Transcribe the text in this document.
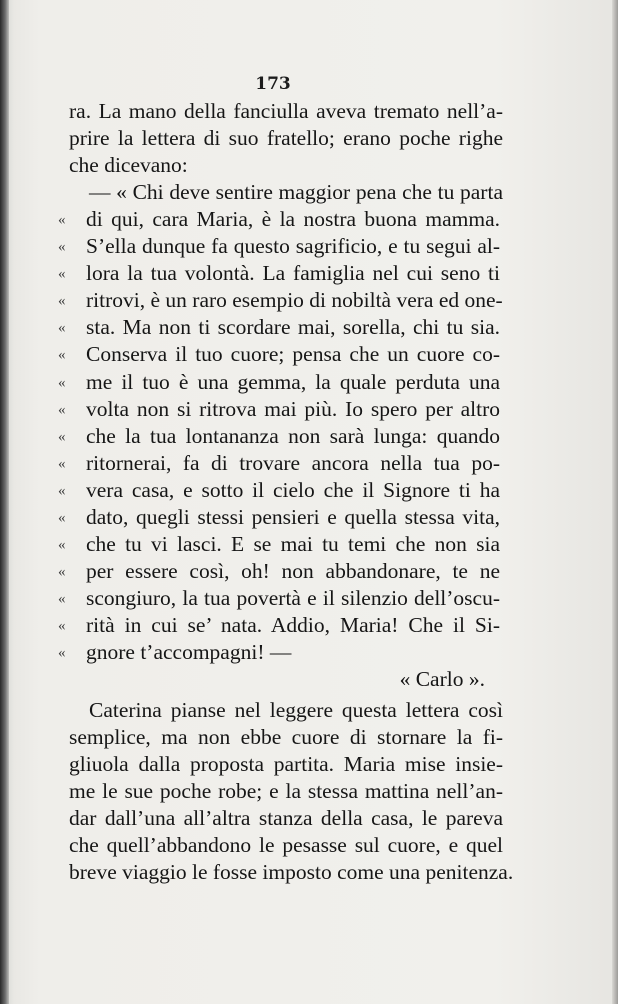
173
ra. La mano della fanciulla aveva tremato nell’a-
prire la lettera di suo fratello; erano poche righe
che dicevano:
— « Chi deve sentire maggior pena che tu parta
« di qui, cara Maria, è la nostra buona mamma.
« S’ella dunque fa questo sagrificio, e tu segui al-
« lora la tua volontà. La famiglia nel cui seno ti
« ritrovi, è un raro esempio di nobiltà vera ed one-
« sta. Ma non ti scordare mai, sorella, chi tu sia.
« Conserva il tuo cuore; pensa che un cuore co-
« me il tuo è una gemma, la quale perduta una
« volta non si ritrova mai più. Io spero per altro
« che la tua lontananza non sarà lunga: quando
« ritornerai, fa di trovare ancora nella tua po-
« vera casa, e sotto il cielo che il Signore ti ha
« dato, quegli stessi pensieri e quella stessa vita,
« che tu vi lasci. E se mai tu temi che non sia
« per essere così, oh! non abbandonare, te ne
« scongiuro, la tua povertà e il silenzio dell’oscu-
« rità in cui se’ nata. Addio, Maria! Che il Si-
« gnore t’accompagni! —
« Carlo ».
Caterina pianse nel leggere questa lettera così
semplice, ma non ebbe cuore di stornare la fi-
gliuola dalla proposta partita. Maria mise insie-
me le sue poche robe; e la stessa mattina nell’an-
dar dall’una all’altra stanza della casa, le pareva
che quell’abbandono le pesasse sul cuore, e quel
breve viaggio le fosse imposto come una penitenza.
